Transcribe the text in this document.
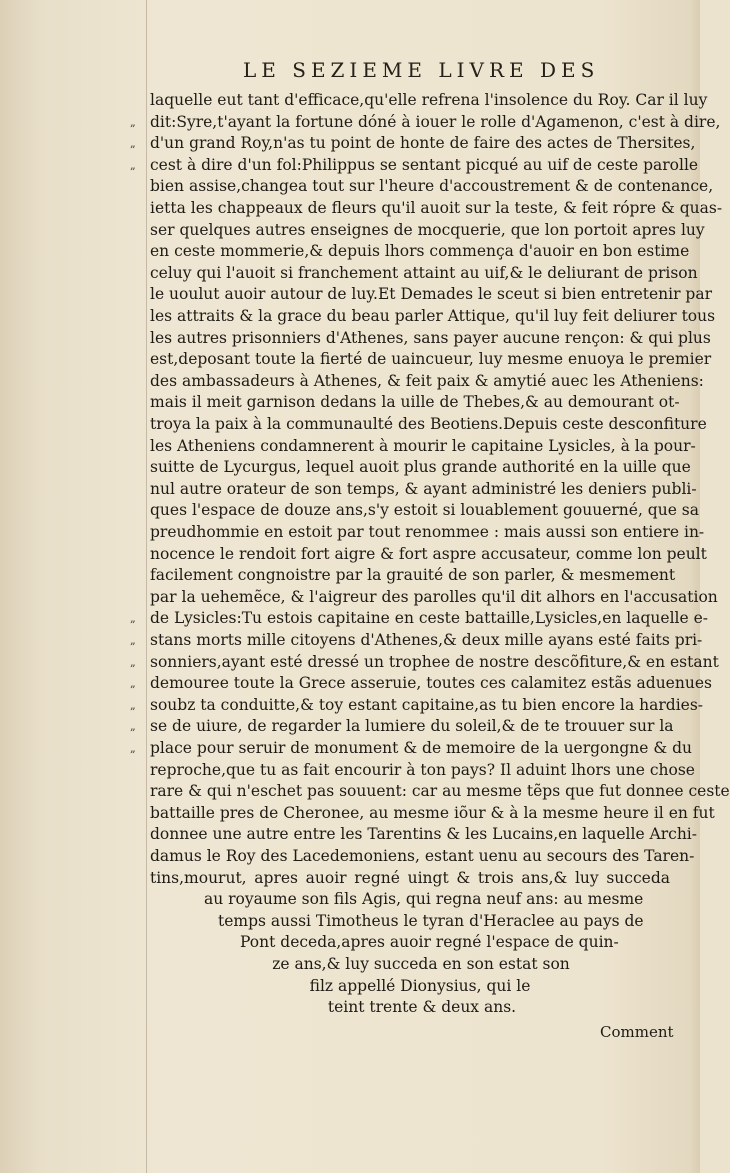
LE SEZIEME LIVRE DES
laquelle eut tant d'efficace,qu'elle refrena l'insolence du Roy. Car il luy
dit:Syre,t'ayant la fortune dóné à iouer le rolle d'Agamenon, c'est à dire,
d'un grand Roy,n'as tu point de honte de faire des actes de Thersites,
cest à dire d'un fol:Philippus se sentant picqué au uif de ceste parolle
bien assise,changea tout sur l'heure d'accoustrement & de contenance,
ietta les chappeaux de fleurs qu'il auoit sur la teste, & feit rópre & quas-
ser quelques autres enseignes de mocquerie, que lon portoit apres luy
en ceste mommerie,& depuis lhors commença d'auoir en bon estime
celuy qui l'auoit si franchement attaint au uif,& le deliurant de prison
le uoulut auoir autour de luy.Et Demades le sceut si bien entretenir par
les attraits & la grace du beau parler Attique, qu'il luy feit deliurer tous
les autres prisonniers d'Athenes, sans payer aucune rençon: & qui plus
est,deposant toute la fierté de uaincueur, luy mesme enuoya le premier
des ambassadeurs à Athenes, & feit paix & amytié auec les Atheniens:
mais il meit garnison dedans la uille de Thebes,& au demourant ot-
troya la paix à la communaulté des Beotiens.Depuis ceste desconfiture
les Atheniens condamnerent à mourir le capitaine Lysicles, à la pour-
suitte de Lycurgus, lequel auoit plus grande authorité en la uille que
nul autre orateur de son temps, & ayant administré les deniers publi-
ques l'espace de douze ans,s'y estoit si louablement gouuerné, que sa
preudhommie en estoit par tout renommee : mais aussi son entiere in-
nocence le rendoit fort aigre & fort aspre accusateur, comme lon peult
facilement congnoistre par la grauité de son parler, & mesmement
par la uehemẽce, & l'aigreur des parolles qu'il dit alhors en l'accusation
de Lysicles:Tu estois capitaine en ceste battaille,Lysicles,en laquelle e-
stans morts mille citoyens d'Athenes,& deux mille ayans esté faits pri-
sonniers,ayant esté dressé un trophee de nostre descõfiture,& en estant
demouree toute la Grece asseruie, toutes ces calamitez estãs aduenues
soubz ta conduitte,& toy estant capitaine,as tu bien encore la hardies-
se de uiure, de regarder la lumiere du soleil,& de te trouuer sur la
place pour seruir de monument & de memoire de la uergongne & du
reproche,que tu as fait encourir à ton pays? Il aduint lhors une chose
rare & qui n'eschet pas souuent: car au mesme tẽps que fut donnee ceste
battaille pres de Cheronee, au mesme iõur & à la mesme heure il en fut
donnee une autre entre les Tarentins & les Lucains,en laquelle Archi-
damus le Roy des Lacedemoniens, estant uenu au secours des Taren-
tins,mourut, apres auoir regné uingt & trois ans,& luy succeda
au royaume son fils Agis, qui regna neuf ans: au mesme
temps aussi Timotheus le tyran d'Heraclee au pays de
Pont deceda,apres auoir regné l'espace de quin-
ze ans,& luy succeda en son estat son
filz appellé Dionysius, qui le
teint trente & deux ans.
„
„
„
„
„
„
„
„
„
„
Comment
